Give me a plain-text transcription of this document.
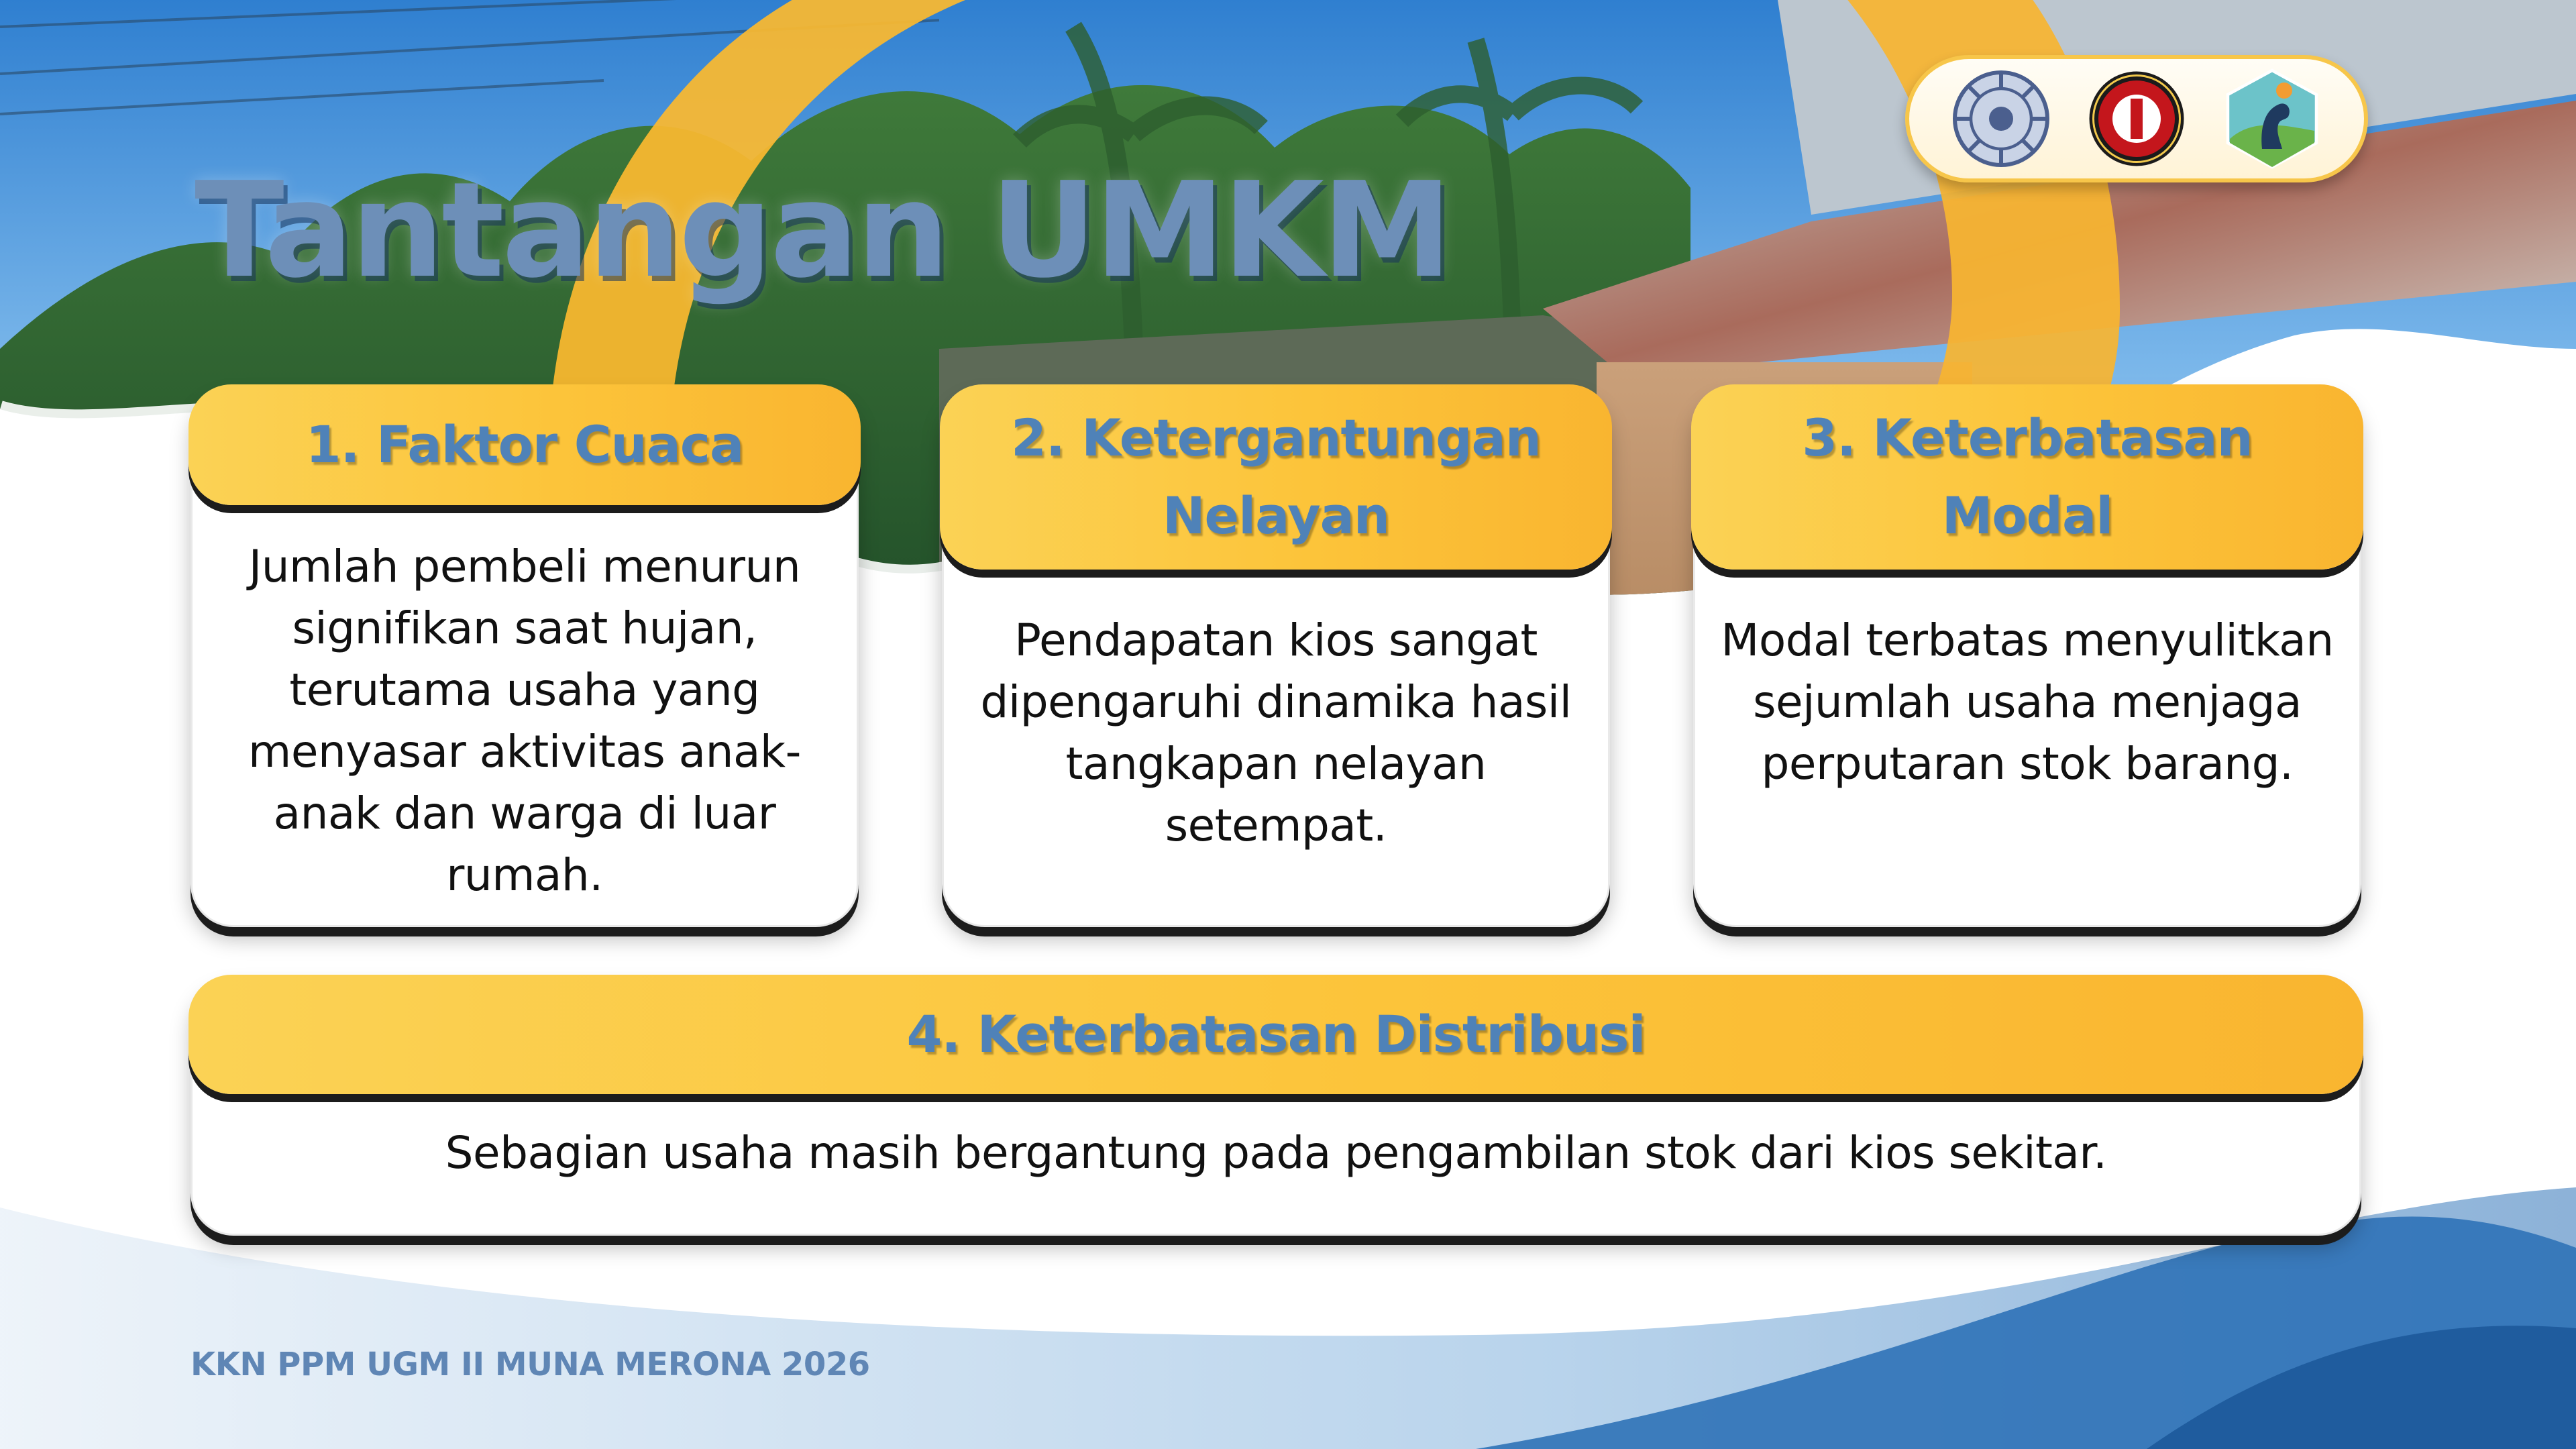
Tantangan UMKM
1. Faktor Cuaca
Jumlah pembeli menurun signifikan saat hujan, terutama usaha yang menyasar aktivitas anak-anak dan warga di luar rumah.
2. Ketergantungan Nelayan
Pendapatan kios sangat dipengaruhi dinamika hasil tangkapan nelayan setempat.
3. Keterbatasan Modal
Modal terbatas menyulitkan sejumlah usaha menjaga perputaran stok barang.
4. Keterbatasan Distribusi
Sebagian usaha masih bergantung pada pengambilan stok dari kios sekitar.
KKN PPM UGM II MUNA MERONA 2026
